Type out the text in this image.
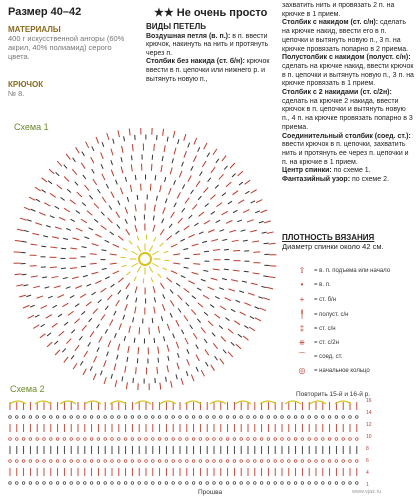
Размер 40–42	★★ Не очень просто
МАТЕРИАЛЫ
400 г искусственной ангоры (60%
акрил, 40% полиамид) серого
цвета.
КРЮЧОК
№ 8.
ВИДЫ ПЕТЕЛЬ
Воздушная петля (в. п.): в п. ввести крючок, накинуть на нить и протянуть через п.
Столбик без накида (ст. б/н): крючок ввести в п. цепочки или нижнего р. и вытянуть новую п.,
захватить нить и провязать 2 п. на крючке в 1 прием.
Столбик с накидом (ст. с/н): сделать на крючке накид, ввести его в п. цепочки и вытянуть новую п., 3 п. на крючке провязать попарно в 2 приема.
Полустолбик с накидом (полуст. с/н): сделать на крючке накид, ввести крючок в п. цепочки и вытянуть новую п., 3 п. на крючке провязать в 1 прием.
Столбик с 2 накидами (ст. с/2н): сделать на крючке 2 накида, ввести крючок в п. цепочки и вытянуть новую п., 4 п. на крючке провязать попарно в 3 приема.
Соединительный столбик (соед. ст.): ввести крючок в п. цепочки, захватить нить и протянуть ее через п. цепочки и п. на крючке в 1 прием.
Центр спинки: по схеме 1.
Фантазийный узор: по схеме 2.
ПЛОТНОСТЬ ВЯЗАНИЯ
Диаметр спинки около 42 см.
⇧	= в. п. подъема или начало
•	= в. п.
+	= ст. б/н
╿	= полуст. с/н
‡	= ст. с/н
⧺	= ст. с/2н
⌒	= соед. ст.
◎	= начальное кольцо
Схема 1
Схема 2
Повторить 15-й и 16-й р.
16
14
12
10
8
6
4
1
Прошва	www.vjaz.ru
